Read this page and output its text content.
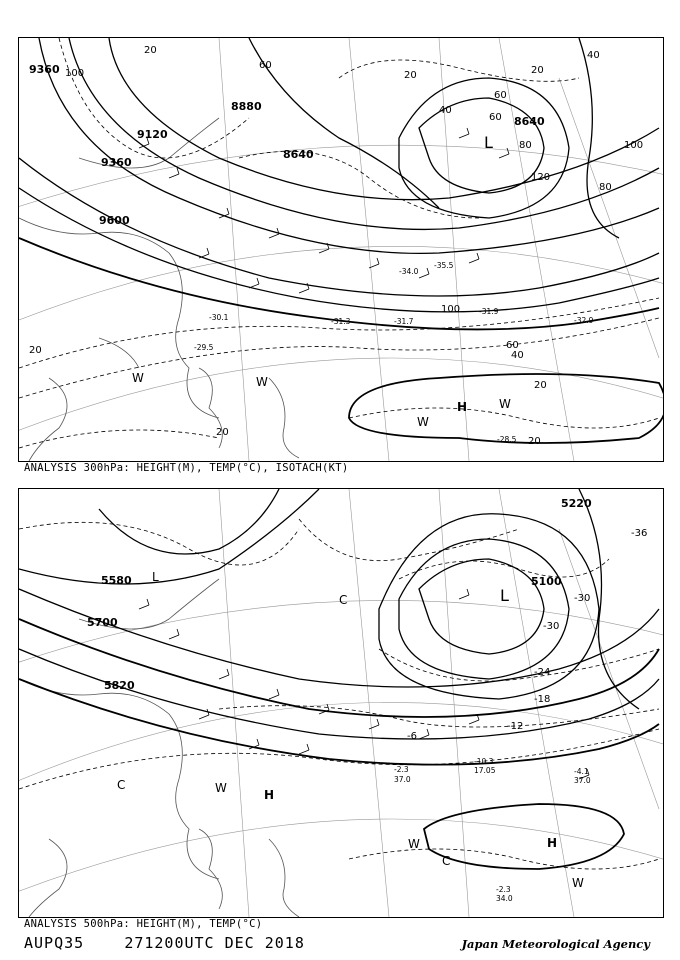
9360
9120
9360
9600
8880
8640
8640
100
20
60
20	20
40
60
80	100
120
80
60
40
100
60
40
20
20
20
20
-35.5
-31.7
-31.9
-32.9
-29.5
-28.5
-34.0
-31.3
-30.1
L
H	W
W
W
W
ANALYSIS 300hPa: HEIGHT(M), TEMP(°C), ISOTACH(KT)
5580
5700
5820
5220
5100
-36
-30
-24
-18
-12
-6
-30
-10.3
17.05	-4.1
37.0
-2.3
34.0
-2.3
37.0
L
C	L
C
H
W
H
C
W
W
ANALYSIS 500hPa: HEIGHT(M), TEMP(°C)
AUPQ35	271200UTC DEC 2018	Japan Meteorological Agency
